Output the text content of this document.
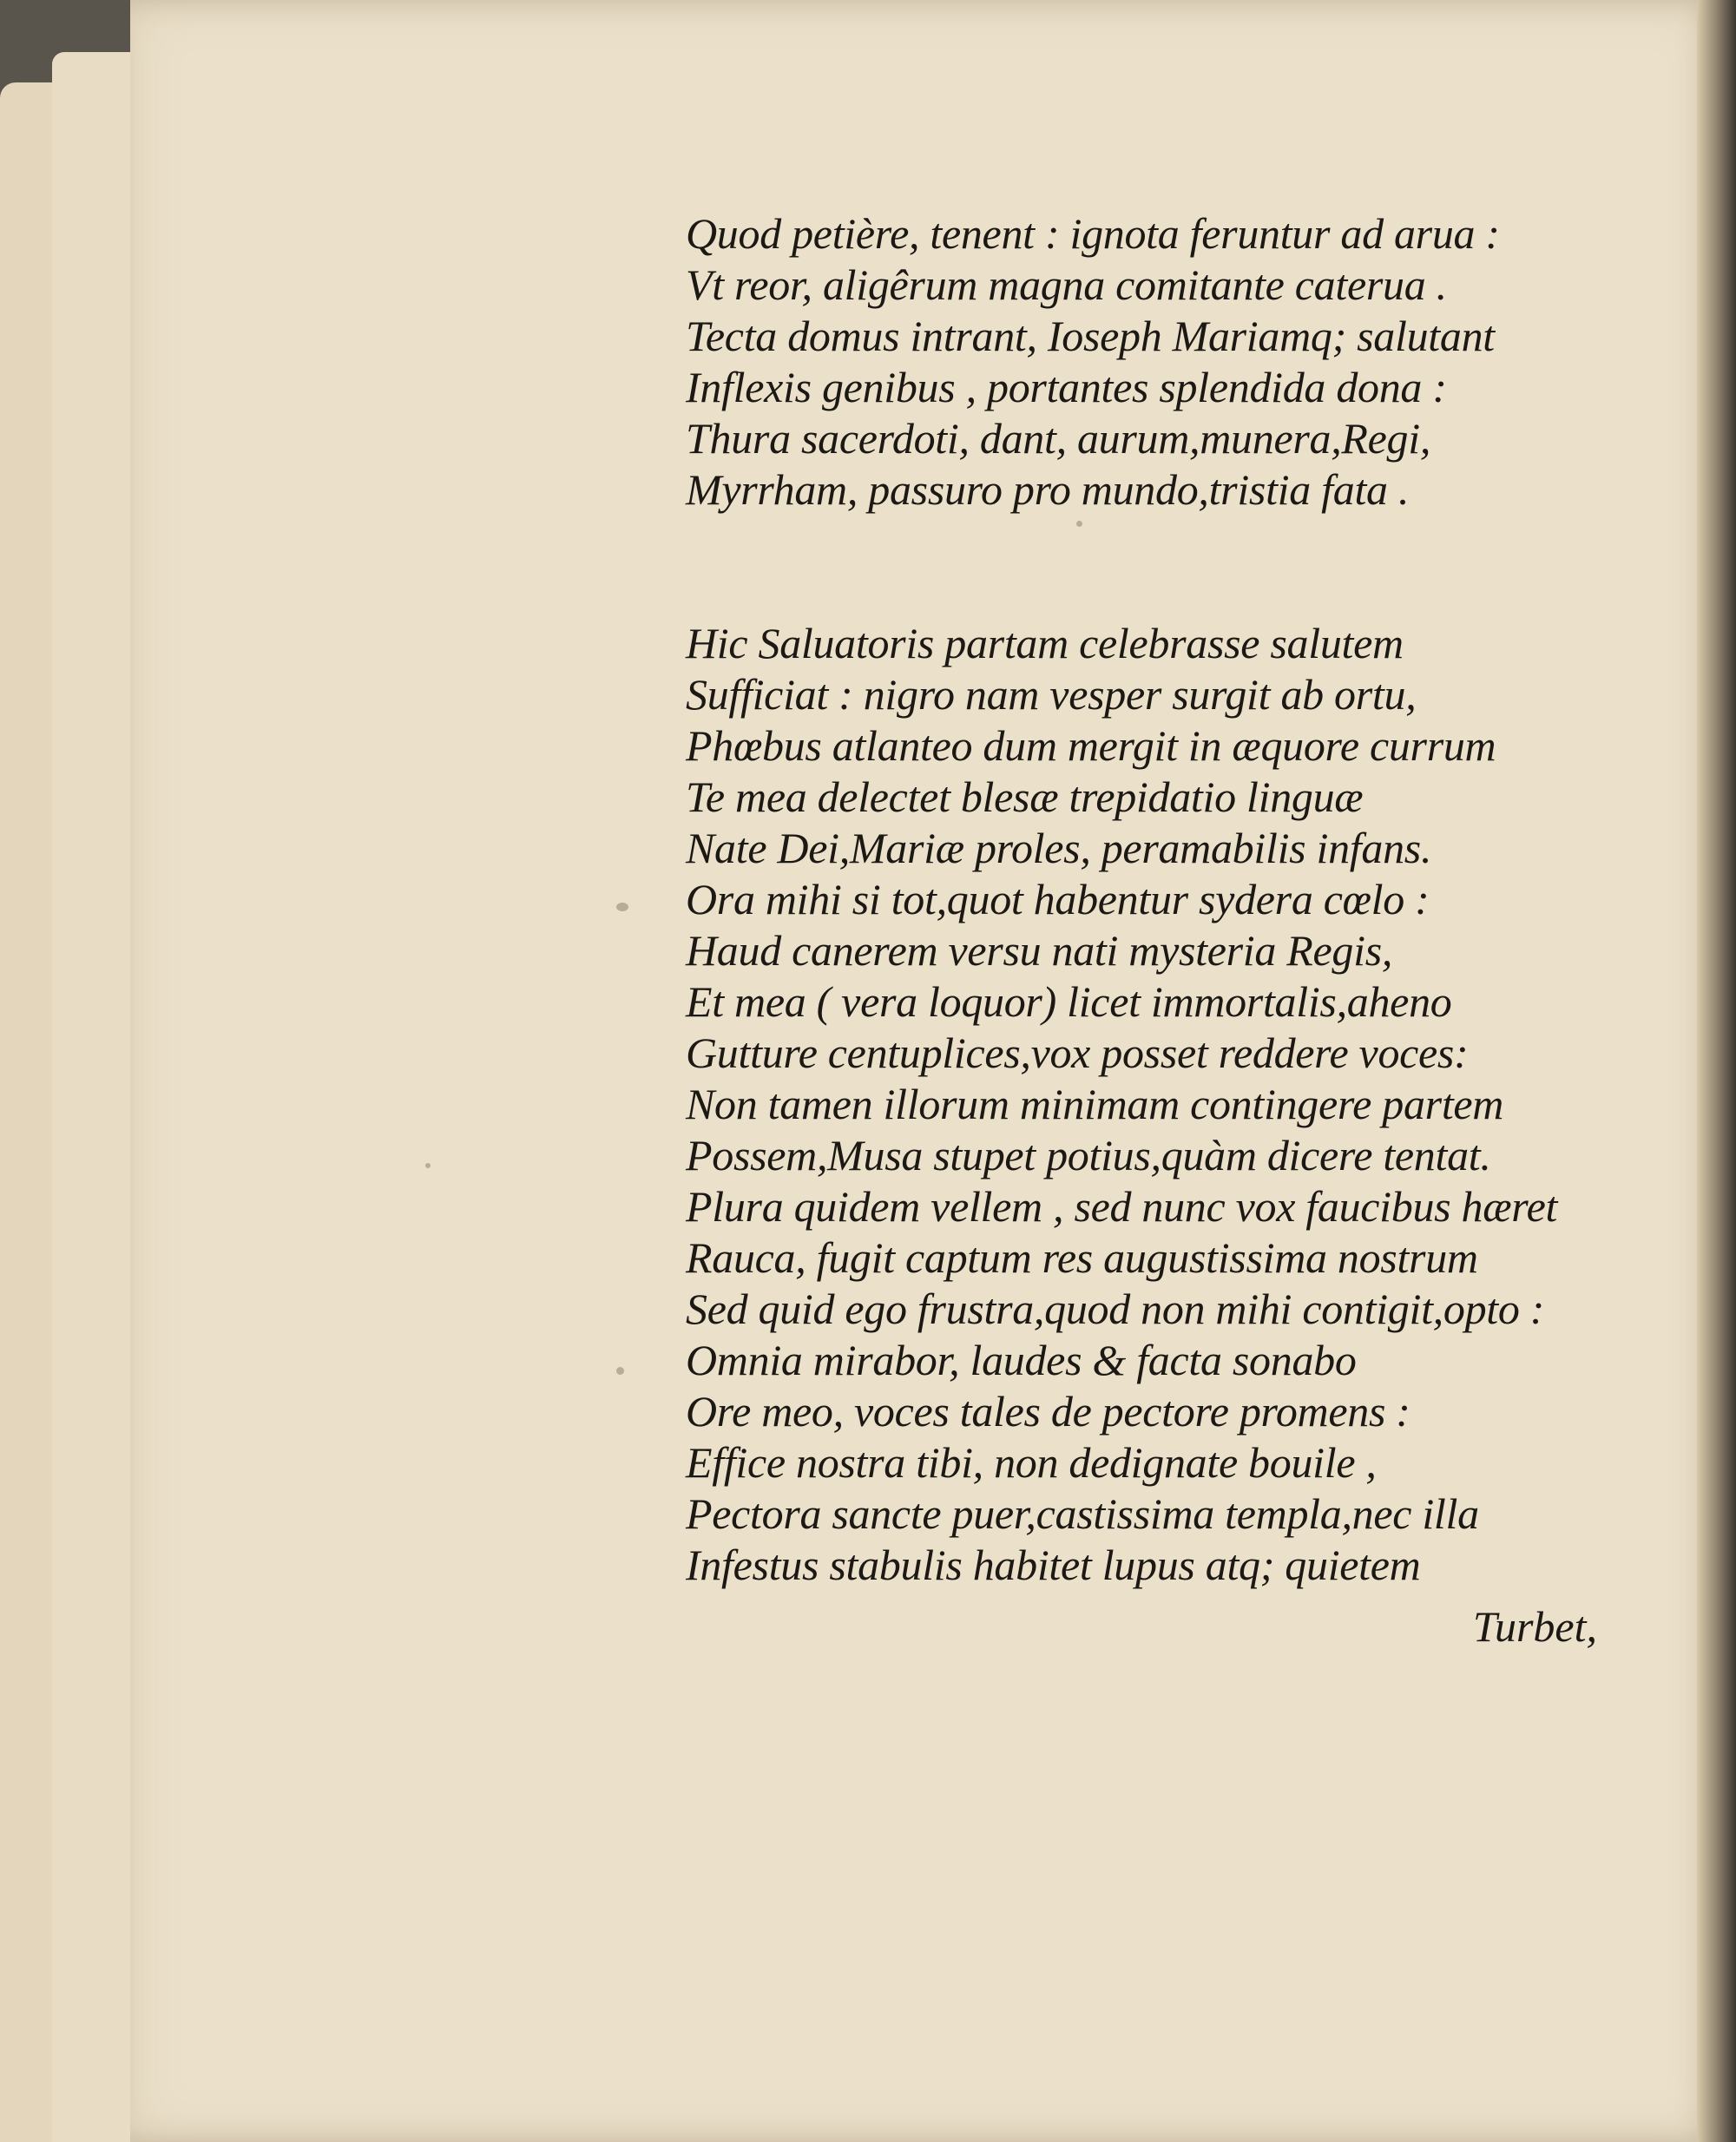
Quod petière, tenent : ignota feruntur ad arua :
Vt reor, aligêrum magna comitante caterua .
Tecta domus intrant, Ioseph Mariamq; salutant
Inflexis genibus , portantes splendida dona :
Thura sacerdoti, dant, aurum,munera,Regi,
Myrrham, passuro pro mundo,tristia fata .
Hic Saluatoris partam celebrasse salutem
Sufficiat : nigro nam vesper surgit ab ortu,
Phœbus atlanteo dum mergit in æquore currum
Te mea delectet blesæ trepidatio linguæ
Nate Dei,Mariæ proles, peramabilis infans.
Ora mihi si tot,quot habentur sydera cœlo :
Haud canerem versu nati mysteria Regis,
Et mea ( vera loquor) licet immortalis,aheno
Gutture centuplices,vox posset reddere voces:
Non tamen illorum minimam contingere partem
Possem,Musa stupet potius,quàm dicere tentat.
Plura quidem vellem , sed nunc vox faucibus hæret
Rauca, fugit captum res augustissima nostrum
Sed quid ego frustra,quod non mihi contigit,opto :
Omnia mirabor, laudes & facta sonabo
Ore meo, voces tales de pectore promens :
Effice nostra tibi, non dedignate bouile ,
Pectora sancte puer,castissima templa,nec illa
Infestus stabulis habitet lupus atq; quietem
Turbet,
